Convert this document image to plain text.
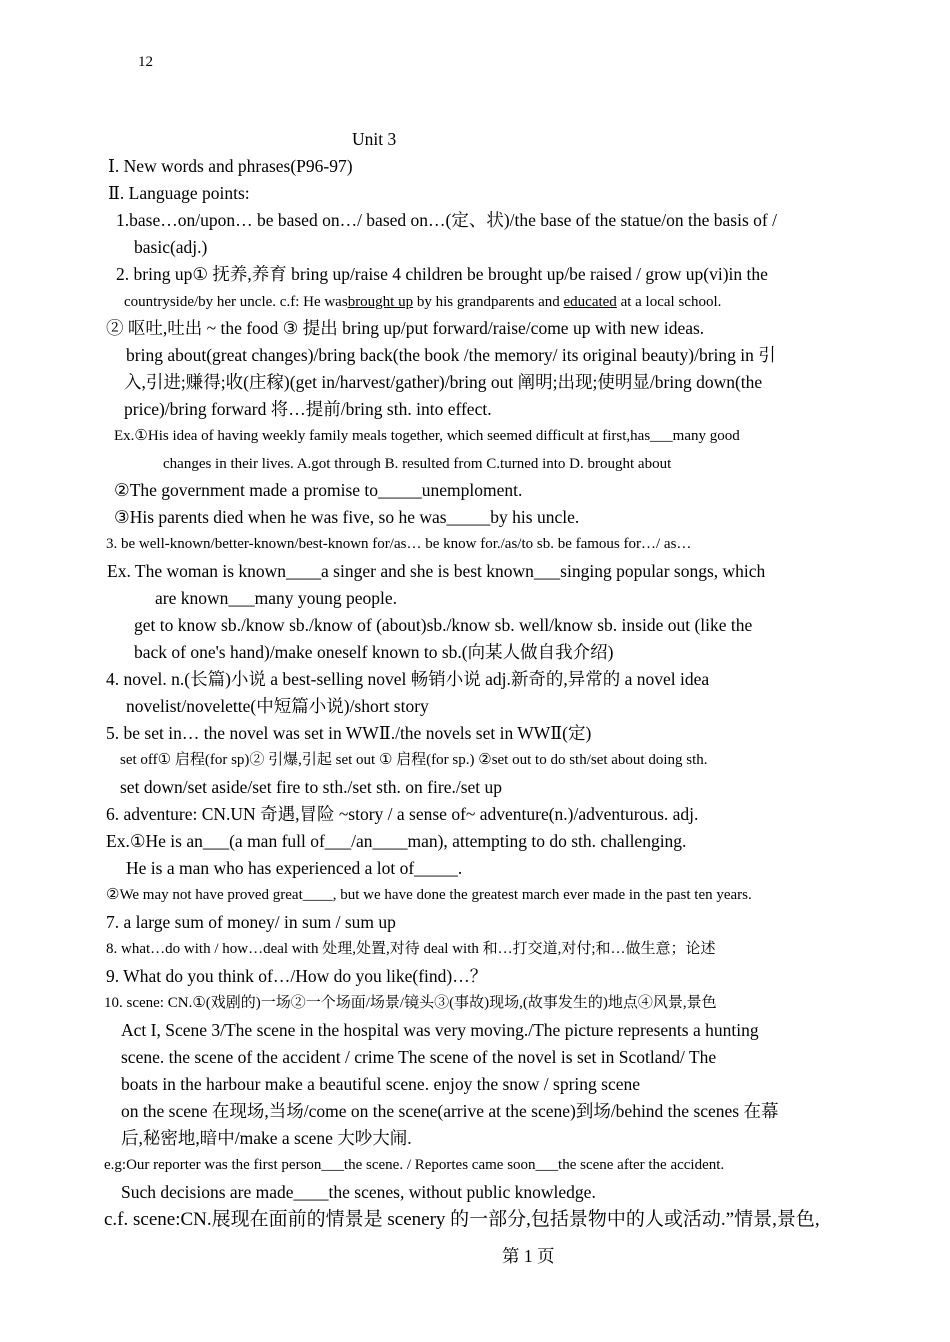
12
Unit 3
Ⅰ. New words and phrases(P96-97)
Ⅱ. Language points:
1.base…on/upon… be based on…/ based on…(定、状)/the base of the statue/on the basis of /
basic(adj.)
2. bring up① 抚养,养育 bring up/raise 4 children be brought up/be raised / grow up(vi)in the
countryside/by her uncle. c.f: He wasbrought up by his grandparents and educated at a local school.
② 呕吐,吐出 ~ the food ③ 提出 bring up/put forward/raise/come up with new ideas.
bring about(great changes)/bring back(the book /the memory/ its original beauty)/bring in 引
入,引进;赚得;收(庄稼)(get in/harvest/gather)/bring out 阐明;出现;使明显/bring down(the
price)/bring forward 将…提前/bring sth. into effect.
Ex.①His idea of having weekly family meals together, which seemed difficult at first,has___many good
changes in their lives. A.got through B. resulted from C.turned into D. brought about
②The government made a promise to_____unemploment.
③His parents died when he was five, so he was_____by his uncle.
3. be well-known/better-known/best-known for/as… be know for./as/to sb. be famous for…/ as…
Ex. The woman is known____a singer and she is best known___singing popular songs, which
are known___many young people.
get to know sb./know sb./know of (about)sb./know sb. well/know sb. inside out (like the
back of one's hand)/make oneself known to sb.(向某人做自我介绍)
4. novel. n.(长篇)小说 a best-selling novel 畅销小说 adj.新奇的,异常的 a novel idea
novelist/novelette(中短篇小说)/short story
5. be set in… the novel was set in WWⅡ./the novels set in WWⅡ(定)
set off① 启程(for sp)② 引爆,引起 set out ① 启程(for sp.) ②set out to do sth/set about doing sth.
set down/set aside/set fire to sth./set sth. on fire./set up
6. adventure: CN.UN 奇遇,冒险 ~story / a sense of~ adventure(n.)/adventurous. adj.
Ex.①He is an___(a man full of___/an____man), attempting to do sth. challenging.
He is a man who has experienced a lot of_____.
②We may not have proved great____, but we have done the greatest march ever made in the past ten years.
7. a large sum of money/ in sum / sum up
8. what…do with / how…deal with 处理,处置,对待 deal with 和…打交道,对付;和…做生意；论述
9. What do you think of…/How do you like(find)…？
10. scene: CN.①(戏剧的)一场②一个场面/场景/镜头③(事故)现场,(故事发生的)地点④风景,景色
Act I, Scene 3/The scene in the hospital was very moving./The picture represents a hunting
scene. the scene of the accident / crime The scene of the novel is set in Scotland/ The
boats in the harbour make a beautiful scene. enjoy the snow / spring scene
on the scene 在现场,当场/come on the scene(arrive at the scene)到场/behind the scenes 在幕
后,秘密地,暗中/make a scene 大吵大闹.
e.g:Our reporter was the first person___the scene. / Reportes came soon___the scene after the accident.
Such decisions are made____the scenes, without public knowledge.
c.f. scene:CN.展现在面前的情景是 scenery 的一部分,包括景物中的人或活动.”情景,景色,
第 1 页
